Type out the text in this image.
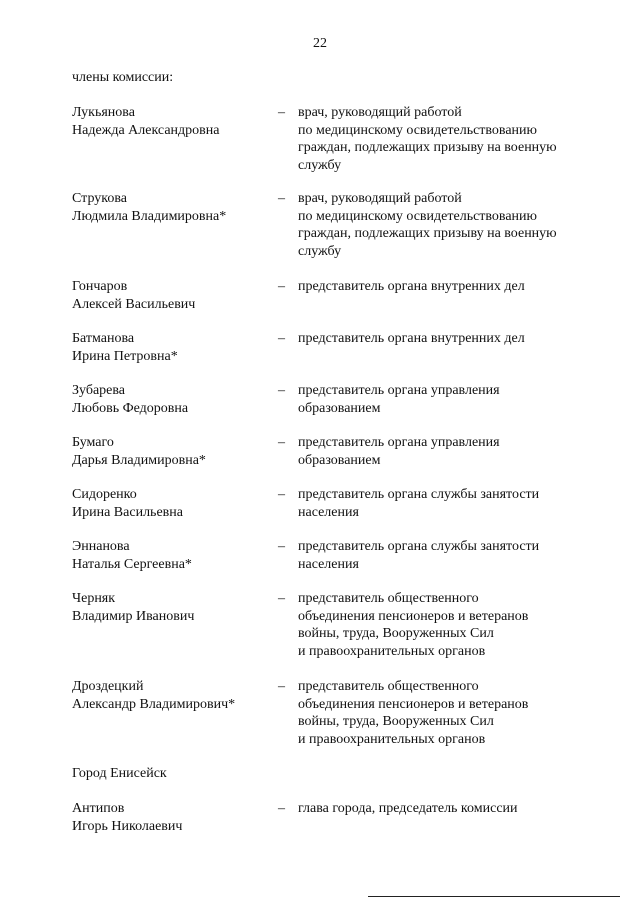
22
члены комиссии:
Лукьянова
Надежда Александровна
– врач, руководящий работой
по медицинскому освидетельствованию
граждан, подлежащих призыву на военную
службу
Струкова
Людмила Владимировна*
– врач, руководящий работой
по медицинскому освидетельствованию
граждан, подлежащих призыву на военную
службу
Гончаров
Алексей Васильевич
– представитель органа внутренних дел
Батманова
Ирина Петровна*
– представитель органа внутренних дел
Зубарева
Любовь Федоровна
– представитель органа управления
образованием
Бумаго
Дарья Владимировна*
– представитель органа управления
образованием
Сидоренко
Ирина Васильевна
– представитель органа службы занятости
населения
Эннанова
Наталья Сергеевна*
– представитель органа службы занятости
населения
Черняк
Владимир Иванович
– представитель общественного
объединения пенсионеров и ветеранов
войны, труда, Вооруженных Сил
и правоохранительных органов
Дроздецкий
Александр Владимирович*
– представитель общественного
объединения пенсионеров и ветеранов
войны, труда, Вооруженных Сил
и правоохранительных органов
Город Енисейск
Антипов
Игорь Николаевич
– глава города, председатель комиссии
